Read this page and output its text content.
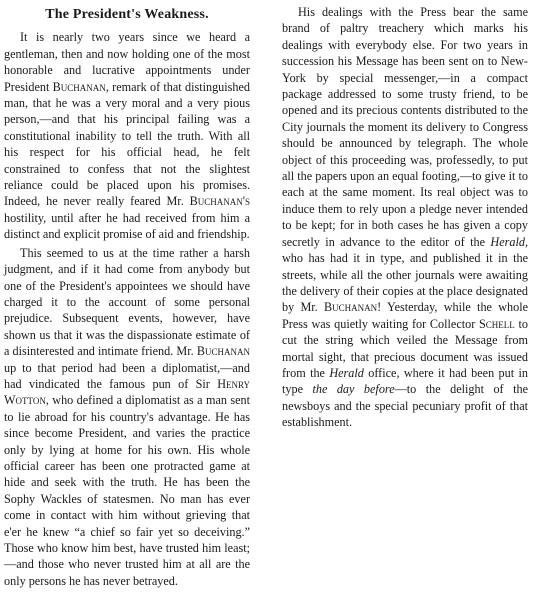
The President's Weakness.

It is nearly two years since we heard a gentleman, then and now holding one of the most honorable and lucrative appointments under President Buchanan, remark of that distinguished man, that he was a very moral and a very pious person,—and that his principal failing was a constitutional inability to tell the truth. With all his respect for his official head, he felt constrained to confess that not the slightest reliance could be placed upon his promises. Indeed, he never really feared Mr. Buchanan's hostility, until after he had received from him a distinct and explicit promise of aid and friendship.

This seemed to us at the time rather a harsh judgment, and if it had come from anybody but one of the President's appointees we should have charged it to the account of some personal prejudice. Subsequent events, however, have shown us that it was the dispassionate estimate of a disinterested and intimate friend. Mr. Buchanan up to that period had been a diplomatist,—and had vindicated the famous pun of Sir Henry Wotton, who defined a diplomatist as a man sent to lie abroad for his country's advantage. He has since become President, and varies the practice only by lying at home for his own. His whole official career has been one protracted game at hide and seek with the truth. He has been the Sophy Wackles of statesmen. No man has ever come in contact with him without grieving that e'er he knew “a chief so fair yet so deceiving.” Those who know him best, have trusted him least;—and those who never trusted him at all are the only persons he has never betrayed.

His dealings with the Press bear the same brand of paltry treachery which marks his dealings with everybody else. For two years in succession his Message has been sent on to New-York by special messenger,—in a compact package addressed to some trusty friend, to be opened and its precious contents distributed to the City journals the moment its delivery to Congress should be announced by telegraph. The whole object of this proceeding was, professedly, to put all the papers upon an equal footing,—to give it to each at the same moment. Its real object was to induce them to rely upon a pledge never intended to be kept; for in both cases he has given a copy secretly in advance to the editor of the Herald, who has had it in type, and published it in the streets, while all the other journals were awaiting the delivery of their copies at the place designated by Mr. Buchanan! Yesterday, while the whole Press was quietly waiting for Collector Schell to cut the string which veiled the Message from mortal sight, that precious document was issued from the Herald office, where it had been put in type the day before—to the delight of the newsboys and the special pecuniary profit of that establishment.
